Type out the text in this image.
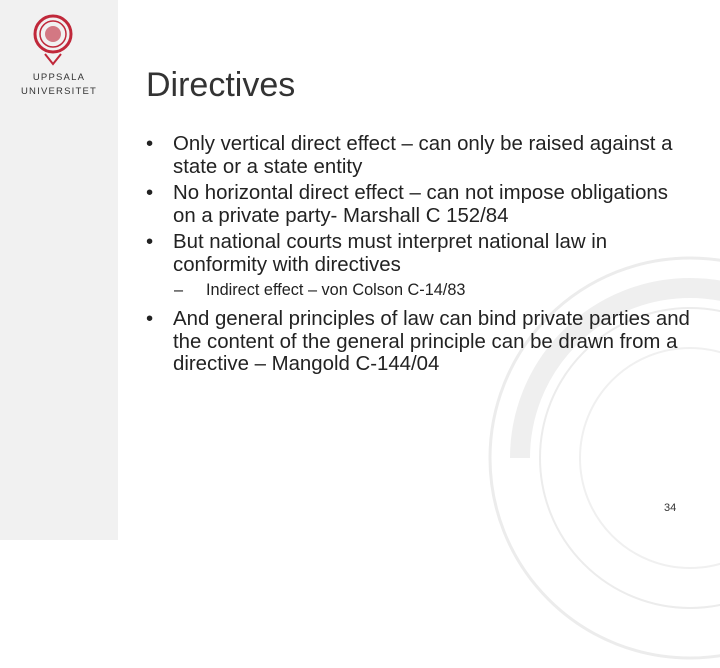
UPPSALA
UNIVERSITET	Directives
• Only vertical direct effect – can only be raised against a state or a state entity
• No horizontal direct effect – can not impose obligations on a private party- Marshall C 152/84
• But national courts must interpret national law in conformity with directives
– Indirect effect – von Colson C-14/83
• And general principles of law can bind private parties and the content of the general principle can be drawn from a directive – Mangold C-144/04
34
